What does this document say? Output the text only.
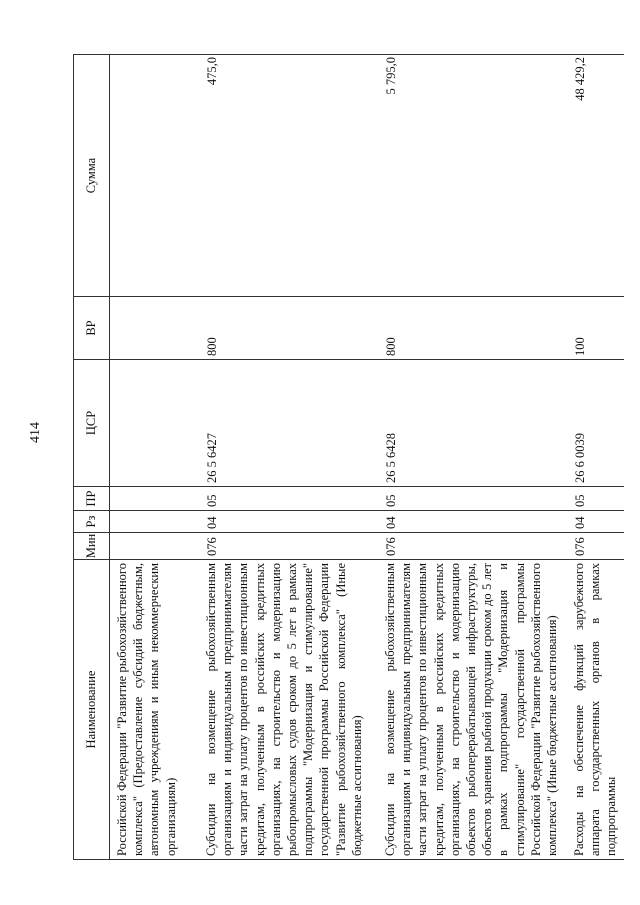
414
Наименование	Мин	Рз	ПР	ЦСР	ВР	Сумма
Российской Федерации "Развитие рыбохозяйственного комплекса" (Предоставление субсидий бюджетным, автономным учреждениям и иным некоммерческим организациям)						
Субсидии на возмещение рыбохозяйственным организациям и индивидуальным предпринимателям части затрат на уплату процентов по инвестиционным кредитам, полученным в российских кредитных организациях, на строительство и модернизацию рыбопромысловых судов сроком до 5 лет в рамках подпрограммы "Модернизация и стимулирование" государственной программы Российской Федерации "Развитие рыбохозяйственного комплекса" (Иные бюджетные ассигнования)	076	04	05	26 5 6427	800	475,0
Субсидии на возмещение рыбохозяйственным организациям и индивидуальным предпринимателям части затрат на уплату процентов по инвестиционным кредитам, полученным в российских кредитных организациях, на строительство и модернизацию объектов рыбоперерабатывающей инфраструктуры, объектов хранения рыбной продукции сроком до 5 лет в рамках подпрограммы "Модернизация и стимулирование" государственной программы Российской Федерации "Развитие рыбохозяйственного комплекса" (Иные бюджетные ассигнования)	076	04	05	26 5 6428	800	5 795,0
Расходы на обеспечение функций зарубежного аппарата государственных органов в рамках подпрограммы	076	04	05	26 6 0039	100	48 429,2
